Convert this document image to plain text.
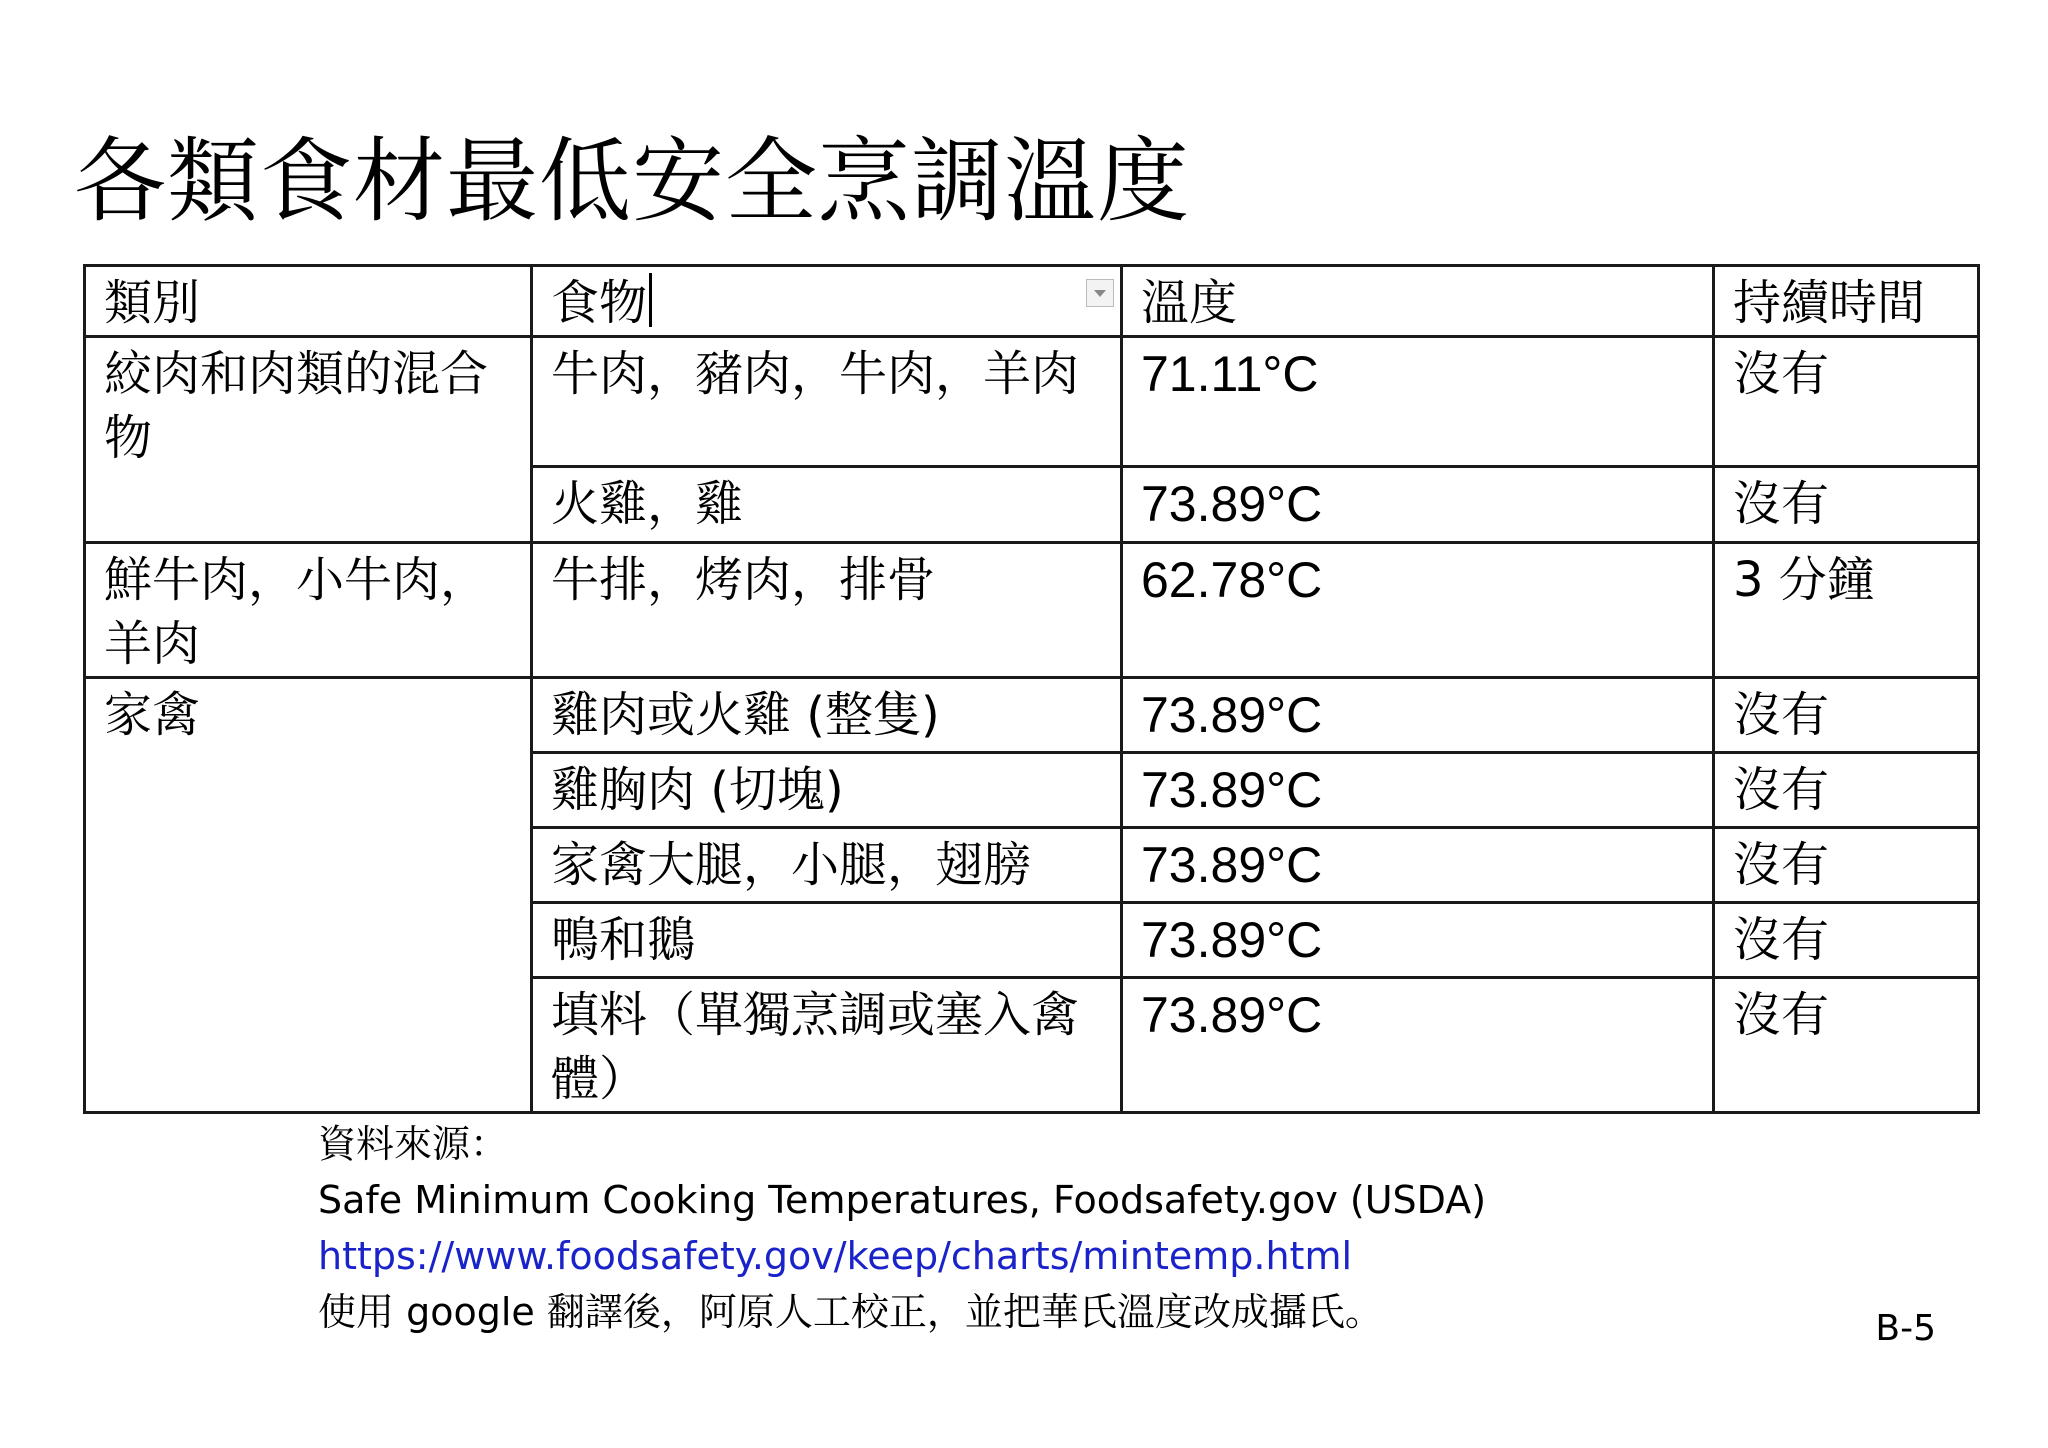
各類食材最低安全烹調溫度
類別	食物	溫度	持續時間
絞肉和肉類的混合物	牛肉，豬肉，牛肉，羊肉	71.11°C	沒有
	火雞，雞	73.89°C	沒有
鮮牛肉，小牛肉，羊肉	牛排，烤肉，排骨	62.78°C	3 分鐘
家禽	雞肉或火雞 (整隻)	73.89°C	沒有
	雞胸肉 (切塊)	73.89°C	沒有
	家禽大腿，小腿，翅膀	73.89°C	沒有
	鴨和鵝	73.89°C	沒有
	填料（單獨烹調或塞入禽體）	73.89°C	沒有
資料來源：
Safe Minimum Cooking Temperatures, Foodsafety.gov (USDA)
https://www.foodsafety.gov/keep/charts/mintemp.html
使用 google 翻譯後，阿原人工校正，並把華氏溫度改成攝氏。	B-5
